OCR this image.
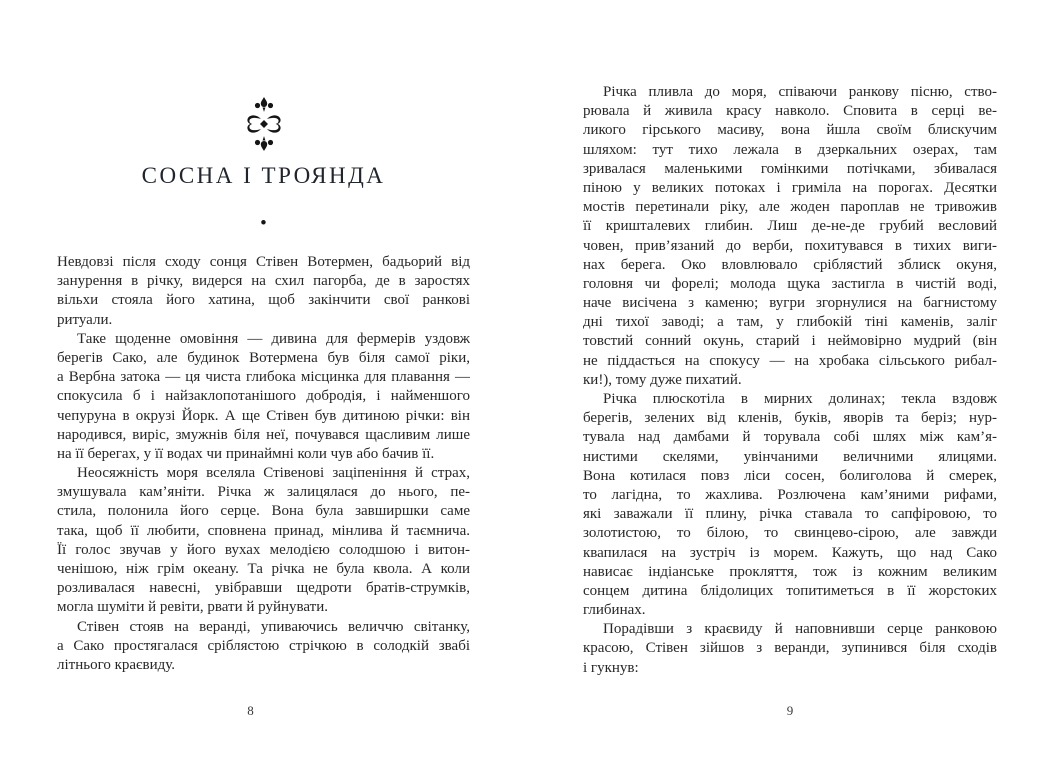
СОСНА І ТРОЯНДА
•
Невдовзі після сходу сонця Стівен Вотермен, бадьорий від
занурення в річку, видерся на схил пагорба, де в заростях
вільхи стояла його хатина, щоб закінчити свої ранкові
ритуали.
Таке щоденне омовіння — дивина для фермерів уздовж
берегів Сако, але будинок Вотермена був біля самої ріки,
а Вербна затока — ця чиста глибока місцинка для плавання —
спокусила б і найзаклопотанішого добродія, і найменшого
чепуруна в окрузі Йорк. А ще Стівен був дитиною річки: він
народився, виріс, змужнів біля неї, почувався щасливим лише
на її берегах, у її водах чи принаймні коли чув або бачив її.
Неосяжність моря вселяла Стівенові заціпеніння й страх,
змушувала кам’яніти. Річка ж залицялася до нього, пе-
стила, полонила його серце. Вона була завширшки саме
така, щоб її любити, сповнена принад, мінлива й таємнича.
Її голос звучав у його вухах мелодією солодшою і витон-
ченішою, ніж грім океану. Та річка не була квола. А коли
розливалася навесні, увібравши щедроти братів-струмків,
могла шуміти й ревіти, рвати й руйнувати.
Стівен стояв на веранді, упиваючись величчю світанку,
а Сако простягалася сріблястою стрічкою в солодкій звабі
літнього краєвиду.
8
Річка пливла до моря, співаючи ранкову пісню, ство-
рювала й живила красу навколо. Сповита в серці ве-
ликого гірського масиву, вона йшла своїм блискучим
шляхом: тут тихо лежала в дзеркальних озерах, там
зривалася маленькими гомінкими потічками, збивалася
піною у великих потоках і гриміла на порогах. Десятки
мостів перетинали ріку, але жоден пароплав не тривожив
її кришталевих глибин. Лиш де-не-де грубий весловий
човен, прив’язаний до верби, похитувався в тихих виги-
нах берега. Око вловлювало сріблястий зблиск окуня,
головня чи форелі; молода щука застигла в чистій воді,
наче висічена з каменю; вугри згорнулися на багнистому
дні тихої заводі; а там, у глибокій тіні каменів, заліг
товстий сонний окунь, старий і неймовірно мудрий (він
не піддасться на спокусу — на хробака сільського рибал-
ки!), тому дуже пихатий.
Річка плюскотіла в мирних долинах; текла вздовж
берегів, зелених від кленів, буків, яворів та беріз; нур-
тувала над дамбами й торувала собі шлях між кам’я-
нистими скелями, увінчаними величними ялицями.
Вона котилася повз ліси сосен, болиголова й смерек,
то лагідна, то жахлива. Розлючена кам’яними рифами,
які заважали її плину, річка ставала то сапфіровою, то
золотистою, то білою, то свинцево-сірою, але завжди
квапилася на зустріч із морем. Кажуть, що над Сако
нависає індіанське прокляття, тож із кожним великим
сонцем дитина блідолицих топитиметься в її жорстоких
глибинах.
Порадівши з краєвиду й наповнивши серце ранковою
красою, Стівен зійшов з веранди, зупинився біля сходів
і гукнув:
9
